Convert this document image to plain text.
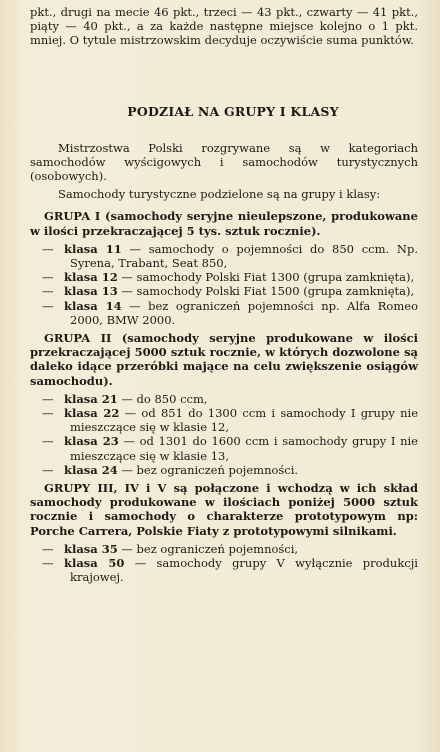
pkt., drugi na mecie 46 pkt., trzeci — 43 pkt., czwarty — 41 pkt., piąty — 40 pkt., a za każde następne miejsce kolejno o 1 pkt. mniej. O tytule mistrzowskim decyduje oczywiście suma punktów.

PODZIAŁ NA GRUPY I KLASY

Mistrzostwa Polski rozgrywane są w kategoriach samochodów wyścigowych i samochodów turystycznych (osobowych).

Samochody turystyczne podzielone są na grupy i klasy:

GRUPA I (samochody seryjne nieulepszone, produkowane w ilości przekraczającej 5 tys. sztuk rocznie).

— klasa 11 — samochody o pojemności do 850 ccm. Np. Syrena, Trabant, Seat 850,

— klasa 12 — samochody Polski Fiat 1300 (grupa zamknięta),

— klasa 13 — samochody Polski Fiat 1500 (grupa zamknięta),

— klasa 14 — bez ograniczeń pojemności np. Alfa Romeo 2000, BMW 2000.

GRUPA II (samochody seryjne produkowane w ilości przekraczającej 5000 sztuk rocznie, w których dozwolone są daleko idące przeróbki mające na celu zwiększenie osiągów samochodu).

— klasa 21 — do 850 ccm,

— klasa 22 — od 851 do 1300 ccm i samochody I grupy nie mieszczące się w klasie 12,

— klasa 23 — od 1301 do 1600 ccm i samochody grupy I nie mieszczące się w klasie 13,

— klasa 24 — bez ograniczeń pojemności.

GRUPY III, IV i V są połączone i wchodzą w ich skład samochody produkowane w ilościach poniżej 5000 sztuk rocznie i samochody o charakterze prototypowym np: Porche Carrera, Polskie Fiaty z prototypowymi silnikami.

— klasa 35 — bez ograniczeń pojemności,

— klasa 50 — samochody grupy V wyłącznie produkcji krajowej.
